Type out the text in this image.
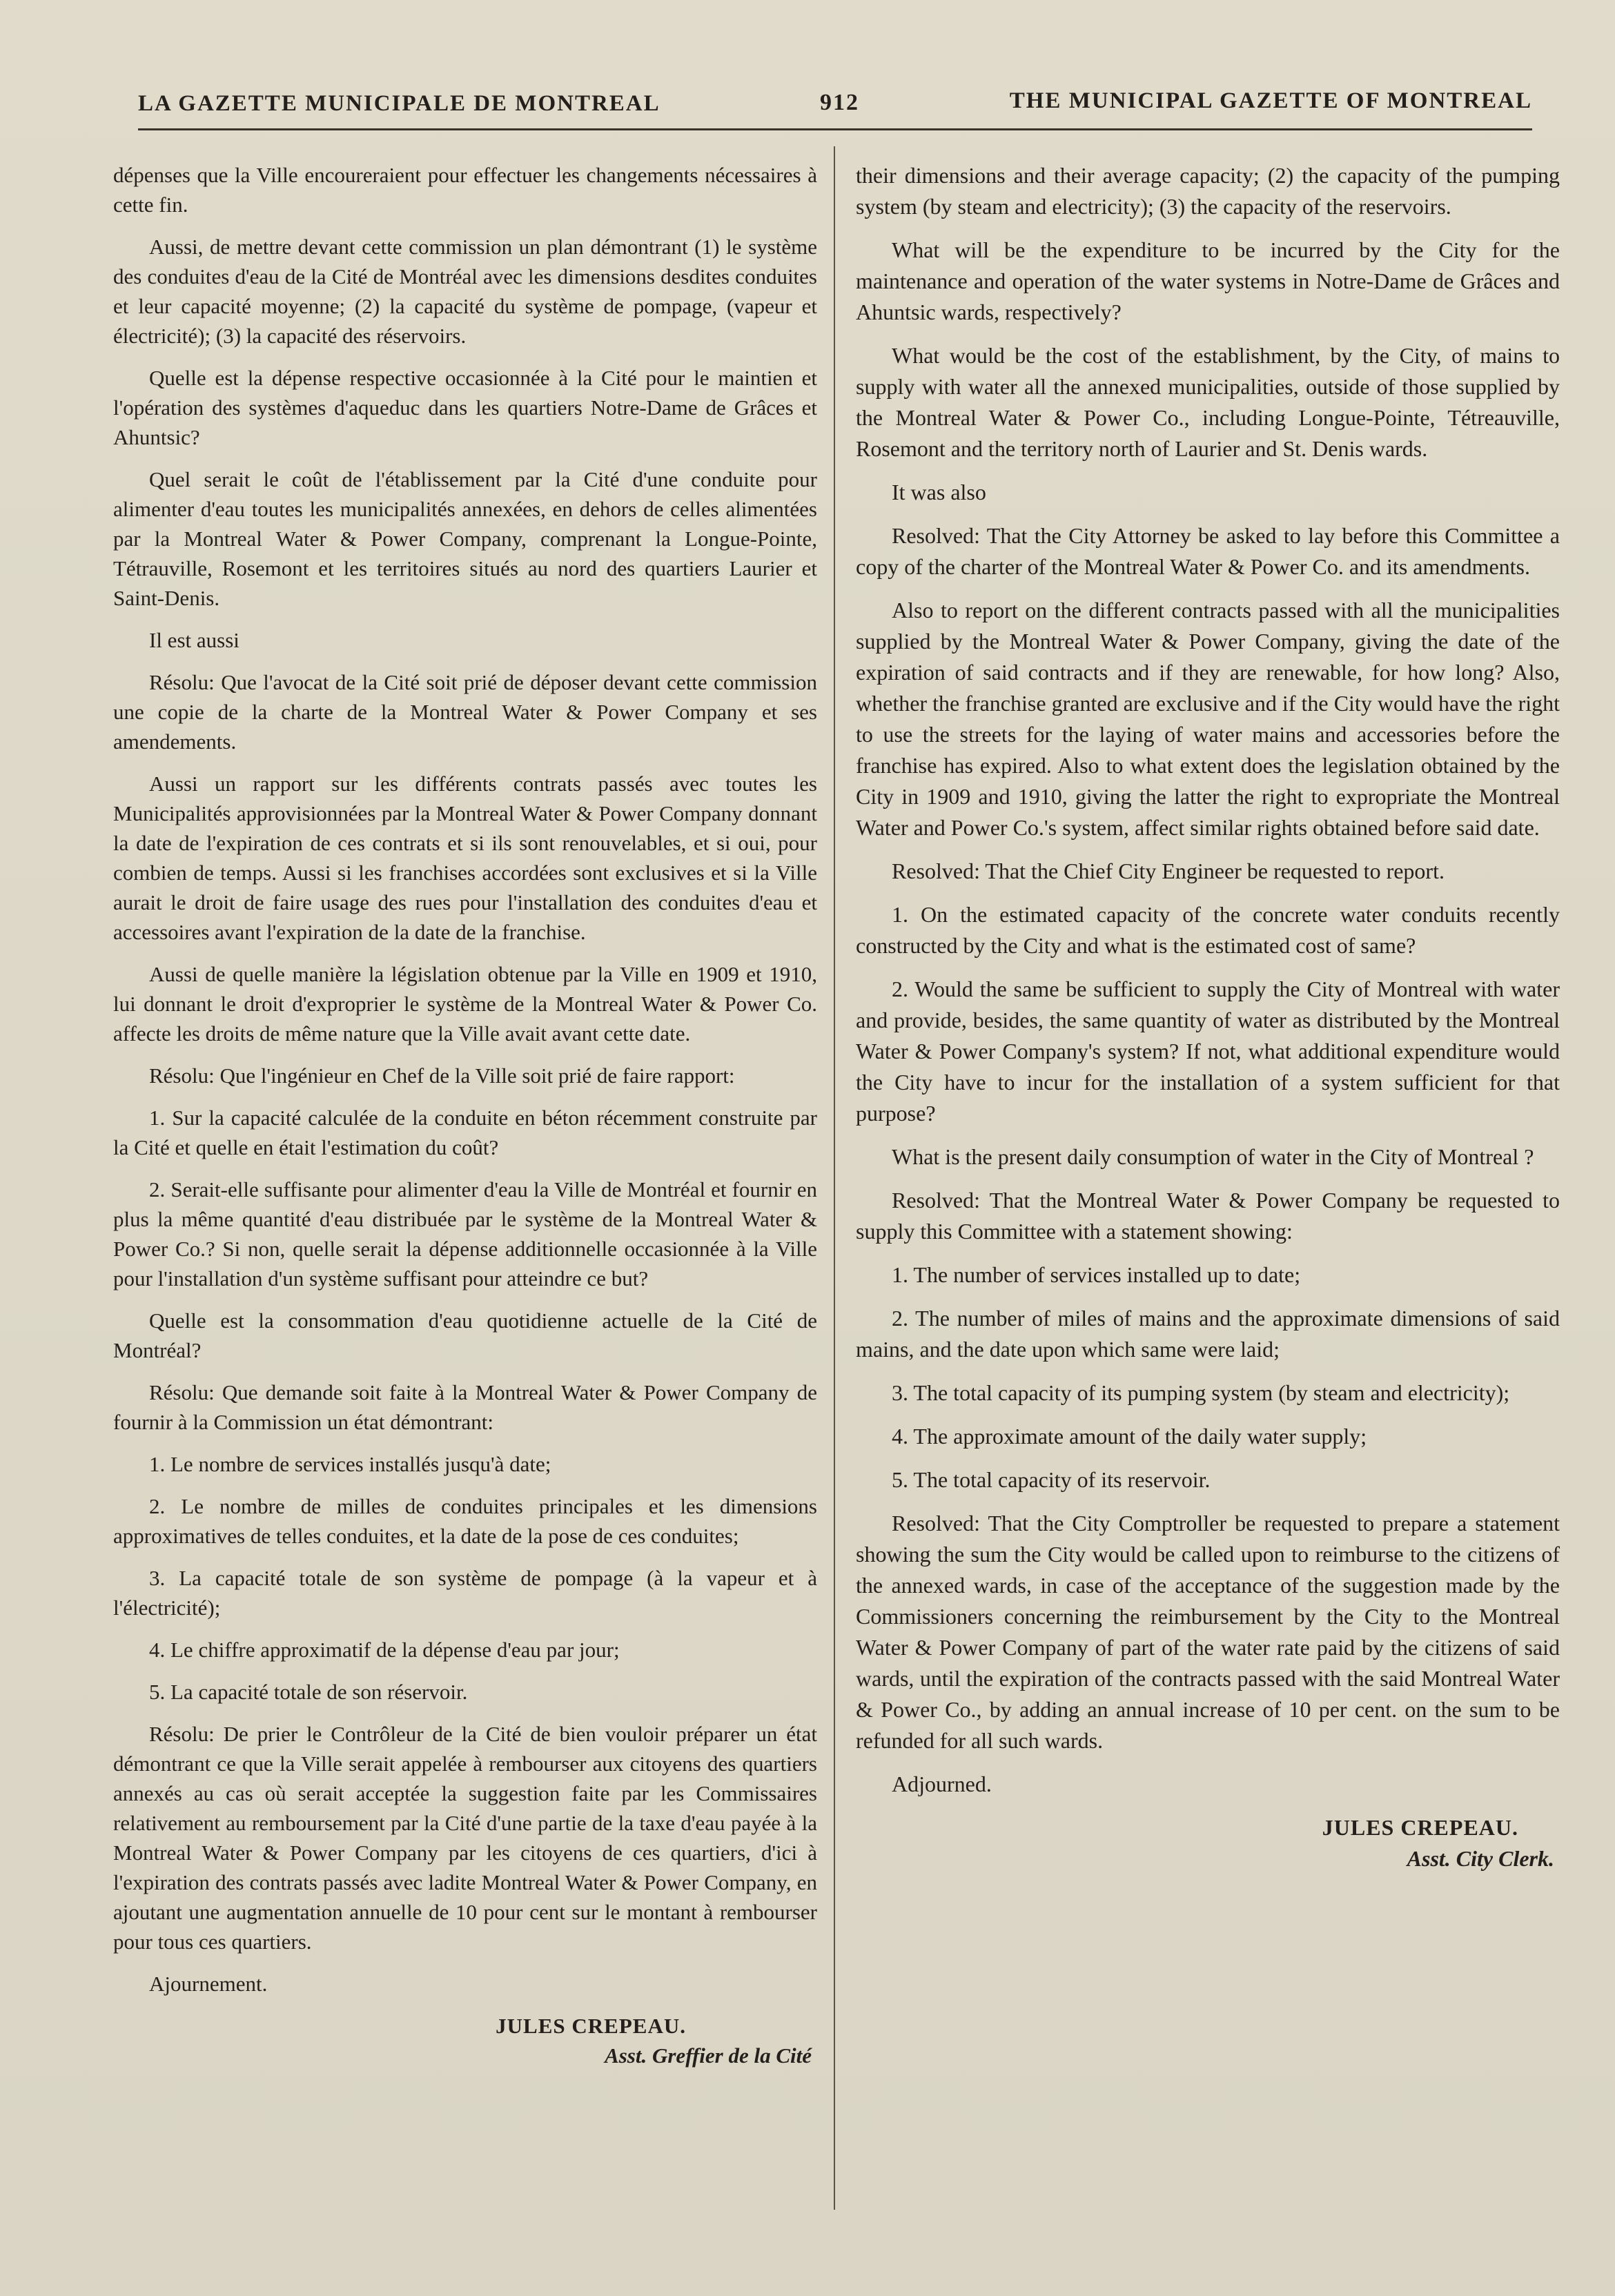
LA GAZETTE MUNICIPALE DE MONTREAL	912	THE MUNICIPAL GAZETTE OF MONTREAL

dépenses que la Ville encoureraient pour effectuer les changements nécessaires à cette fin.

Aussi, de mettre devant cette commission un plan démontrant (1) le système des conduites d'eau de la Cité de Montréal avec les dimensions desdites conduites et leur capacité moyenne; (2) la capacité du système de pompage, (vapeur et électricité); (3) la capacité des réservoirs.

Quelle est la dépense respective occasionnée à la Cité pour le maintien et l'opération des systèmes d'aqueduc dans les quartiers Notre-Dame de Grâces et Ahuntsic?

Quel serait le coût de l'établissement par la Cité d'une conduite pour alimenter d'eau toutes les municipalités annexées, en dehors de celles alimentées par la Montreal Water & Power Company, comprenant la Longue-Pointe, Tétrauville, Rosemont et les territoires situés au nord des quartiers Laurier et Saint-Denis.

Il est aussi

Résolu: Que l'avocat de la Cité soit prié de déposer devant cette commission une copie de la charte de la Montreal Water & Power Company et ses amendements.

Aussi un rapport sur les différents contrats passés avec toutes les Municipalités approvisionnées par la Montreal Water & Power Company donnant la date de l'expiration de ces contrats et si ils sont renouvelables, et si oui, pour combien de temps. Aussi si les franchises accordées sont exclusives et si la Ville aurait le droit de faire usage des rues pour l'installation des conduites d'eau et accessoires avant l'expiration de la date de la franchise.

Aussi de quelle manière la législation obtenue par la Ville en 1909 et 1910, lui donnant le droit d'exproprier le système de la Montreal Water & Power Co. affecte les droits de même nature que la Ville avait avant cette date.

Résolu: Que l'ingénieur en Chef de la Ville soit prié de faire rapport:

1. Sur la capacité calculée de la conduite en béton récemment construite par la Cité et quelle en était l'estimation du coût?

2. Serait-elle suffisante pour alimenter d'eau la Ville de Montréal et fournir en plus la même quantité d'eau distribuée par le système de la Montreal Water & Power Co.? Si non, quelle serait la dépense additionnelle occasionnée à la Ville pour l'installation d'un système suffisant pour atteindre ce but?

Quelle est la consommation d'eau quotidienne actuelle de la Cité de Montréal?

Résolu: Que demande soit faite à la Montreal Water & Power Company de fournir à la Commission un état démontrant:

1. Le nombre de services installés jusqu'à date;

2. Le nombre de milles de conduites principales et les dimensions approximatives de telles conduites, et la date de la pose de ces conduites;

3. La capacité totale de son système de pompage (à la vapeur et à l'électricité);

4. Le chiffre approximatif de la dépense d'eau par jour;

5. La capacité totale de son réservoir.

Résolu: De prier le Contrôleur de la Cité de bien vouloir préparer un état démontrant ce que la Ville serait appelée à rembourser aux citoyens des quartiers annexés au cas où serait acceptée la suggestion faite par les Commissaires relativement au remboursement par la Cité d'une partie de la taxe d'eau payée à la Montreal Water & Power Company par les citoyens de ces quartiers, d'ici à l'expiration des contrats passés avec ladite Montreal Water & Power Company, en ajoutant une augmentation annuelle de 10 pour cent sur le montant à rembourser pour tous ces quartiers.

Ajournement.

JULES CREPEAU.
Asst. Greffier de la Cité

their dimensions and their average capacity; (2) the capacity of the pumping system (by steam and electricity); (3) the capacity of the reservoirs.

What will be the expenditure to be incurred by the City for the maintenance and operation of the water systems in Notre-Dame de Grâces and Ahuntsic wards, respectively?

What would be the cost of the establishment, by the City, of mains to supply with water all the annexed municipalities, outside of those supplied by the Montreal Water & Power Co., including Longue-Pointe, Tétreauville, Rosemont and the territory north of Laurier and St. Denis wards.

It was also

Resolved: That the City Attorney be asked to lay before this Committee a copy of the charter of the Montreal Water & Power Co. and its amendments.

Also to report on the different contracts passed with all the municipalities supplied by the Montreal Water & Power Company, giving the date of the expiration of said contracts and if they are renewable, for how long? Also, whether the franchise granted are exclusive and if the City would have the right to use the streets for the laying of water mains and accessories before the franchise has expired. Also to what extent does the legislation obtained by the City in 1909 and 1910, giving the latter the right to expropriate the Montreal Water and Power Co.'s system, affect similar rights obtained before said date.

Resolved: That the Chief City Engineer be requested to report.

1. On the estimated capacity of the concrete water conduits recently constructed by the City and what is the estimated cost of same?

2. Would the same be sufficient to supply the City of Montreal with water and provide, besides, the same quantity of water as distributed by the Montreal Water & Power Company's system? If not, what additional expenditure would the City have to incur for the installation of a system sufficient for that purpose?

What is the present daily consumption of water in the City of Montreal ?

Resolved: That the Montreal Water & Power Company be requested to supply this Committee with a statement showing:

1. The number of services installed up to date;

2. The number of miles of mains and the approximate dimensions of said mains, and the date upon which same were laid;

3. The total capacity of its pumping system (by steam and electricity);

4. The approximate amount of the daily water supply;

5. The total capacity of its reservoir.

Resolved: That the City Comptroller be requested to prepare a statement showing the sum the City would be called upon to reimburse to the citizens of the annexed wards, in case of the acceptance of the suggestion made by the Commissioners concerning the reimbursement by the City to the Montreal Water & Power Company of part of the water rate paid by the citizens of said wards, until the expiration of the contracts passed with the said Montreal Water & Power Co., by adding an annual increase of 10 per cent. on the sum to be refunded for all such wards.

Adjourned.

JULES CREPEAU.
Asst. City Clerk.
